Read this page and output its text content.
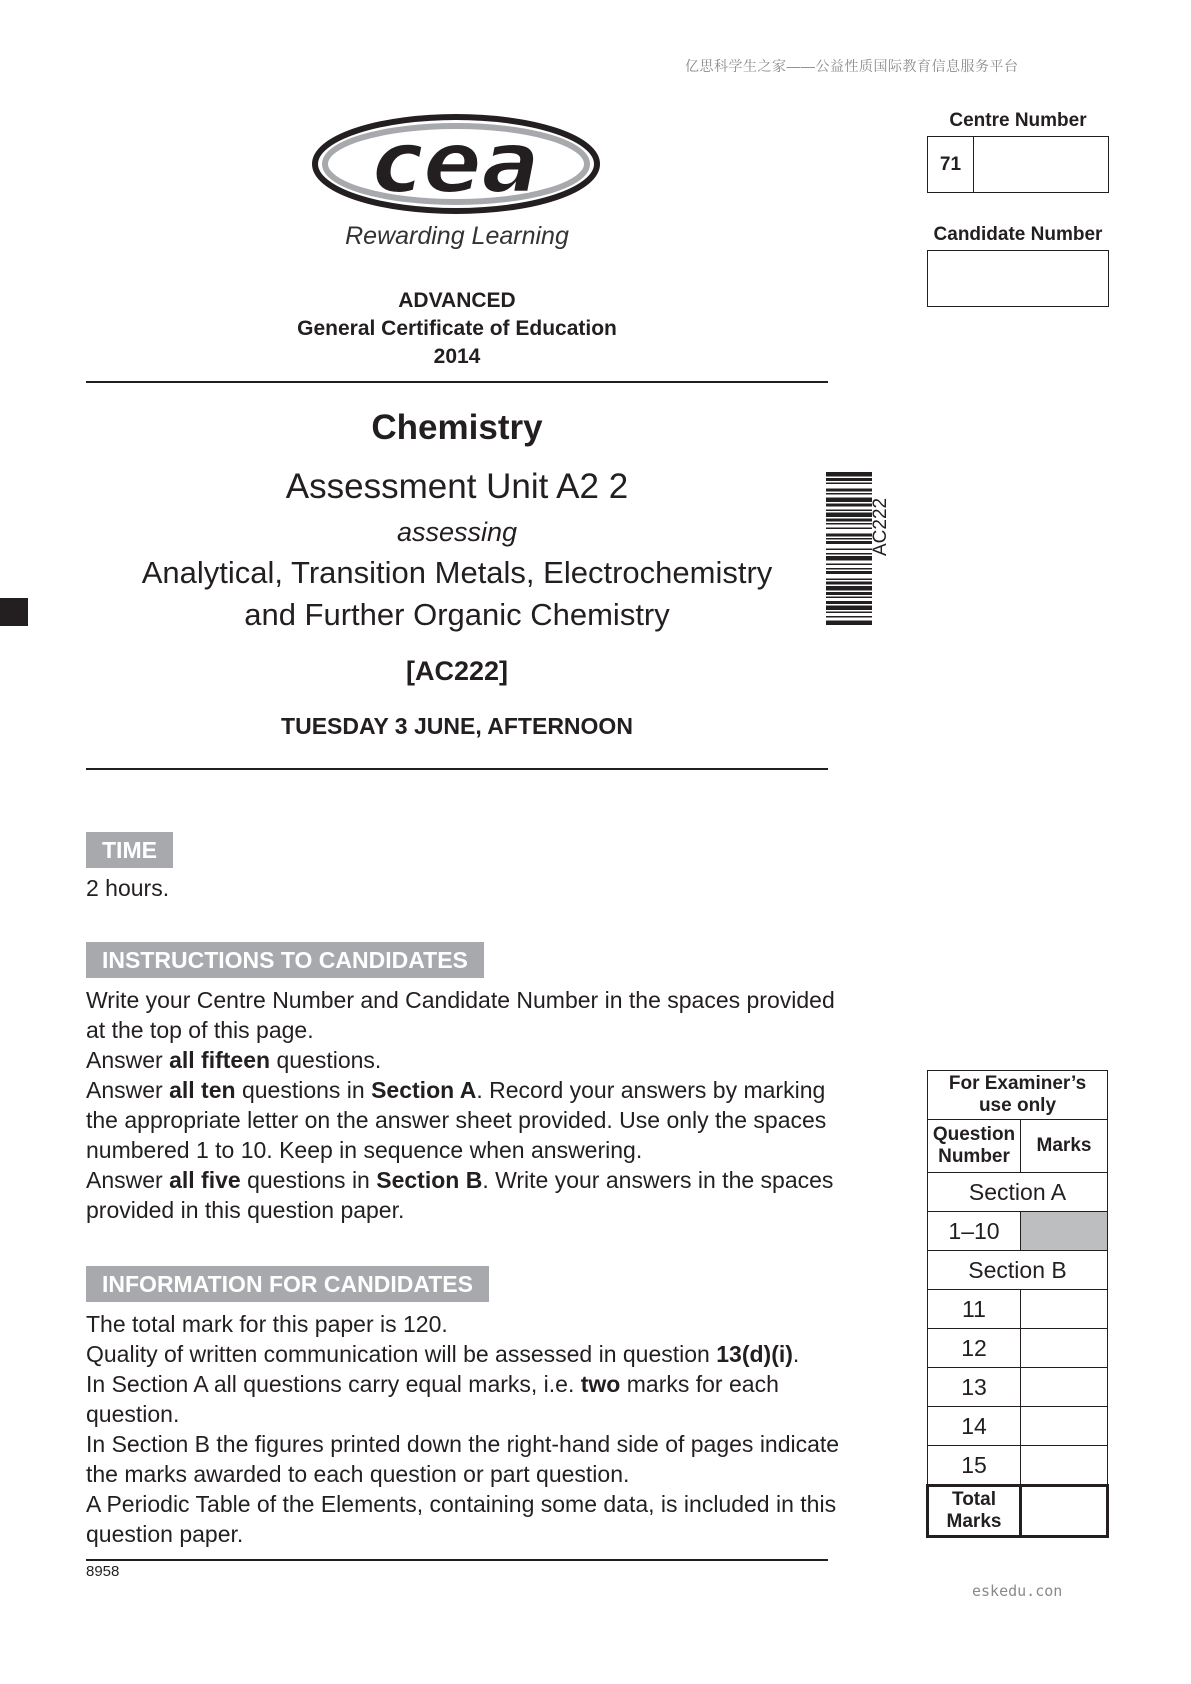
亿思科学生之家——公益性质国际教育信息服务平台
cea
Rewarding Learning
ADVANCED
General Certificate of Education
2014
Chemistry
Assessment Unit A2 2
assessing
Analytical, Transition Metals, Electrochemistry
and Further Organic Chemistry
[AC222]
TUESDAY 3 JUNE, AFTERNOON
AC222
Centre Number
71
Candidate Number
TIME
2 hours.
INSTRUCTIONS TO CANDIDATES

Write your Centre Number and Candidate Number in the spaces provided

at the top of this page.

Answer all fifteen questions.

Answer all ten questions in Section A. Record your answers by marking

the appropriate letter on the answer sheet provided. Use only the spaces

numbered 1 to 10. Keep in sequence when answering.

Answer all five questions in Section B. Write your answers in the spaces

provided in this question paper.

INFORMATION FOR CANDIDATES

The total mark for this paper is 120.

Quality of written communication will be assessed in question 13(d)(i).

In Section A all questions carry equal marks, i.e. two marks for each

question.

In Section B the figures printed down the right-hand side of pages indicate

the marks awarded to each question or part question.

A Periodic Table of the Elements, containing some data, is included in this

question paper.

8958
For Examiner’s
use only	

Question
Number	Marks
Section A	
1–10	
Section B	
11	
12	
13	
14	
15	

Total
Marks	

eskedu.con
